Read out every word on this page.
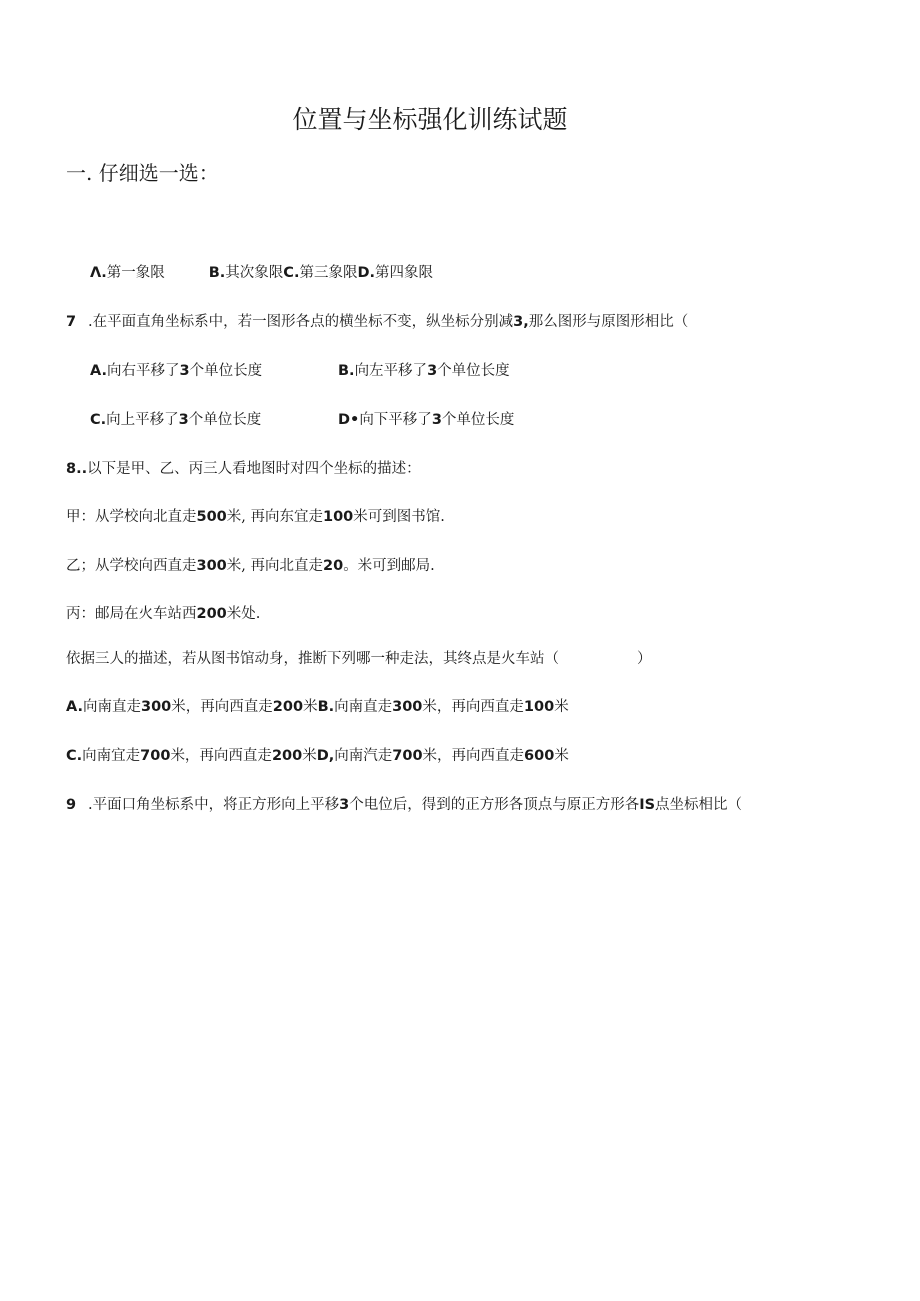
位置与坐标强化训练试题
一. 仔细选一选：
Λ.第一象限	B.其次象限C.第三象限D.第四象限
7 .在平面直角坐标系中，若一图形各点的横坐标不变，纵坐标分别减3,那么图形与原图形相比（
A.向右平移了3个单位长度	B.向左平移了3个单位长度
C.向上平移了3个单位长度	D•向下平移了3个单位长度
8..以下是甲、乙、丙三人看地图时对四个坐标的描述：
甲：从学校向北直走500米, 再向东宜走100米可到图书馆.
乙；从学校向西直走300米, 再向北直走20。米可到邮局.
丙：邮局在火车站西200米处.
依据三人的描述，若从图书馆动身，推断下列哪一种走法，其终点是火车站（	）
A.向南直走300米，再向西直走200米B.向南直走300米，再向西直走100米
C.向南宜走700米，再向西直走200米D,向南汽走700米，再向西直走600米
9 .平面口角坐标系中，将正方形向上平移3个电位后，得到的正方形各顶点与原正方形各IS点坐标相比（
